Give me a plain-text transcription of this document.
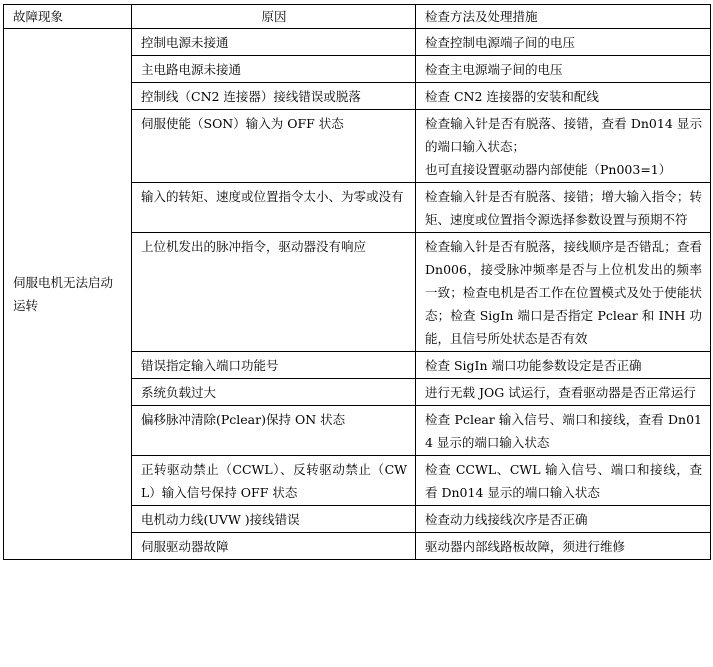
故障现象	原因	检查方法及处理措施
伺服电机无法启动运转	控制电源未接通	检查控制电源端子间的电压

	主电路电源未接通	检查主电源端子间的电压

	控制线（CN2 连接器）接线错误或脱落	检查 CN2 连接器的安装和配线

	伺服使能（SON）输入为 OFF 状态	检查输入针是否有脱落、接错，查看 Dn014 显示的端口输入状态；
也可直接设置驱动器内部使能（Pn003=1）

	输入的转矩、速度或位置指令太小、为零或没有	检查输入针是否有脱落、接错；增大输入指令；转矩、速度或位置指令源选择参数设置与预期不符

	上位机发出的脉冲指令，驱动器没有响应	检查输入针是否有脱落，接线顺序是否错乱；查看 Dn006，接受脉冲频率是否与上位机发出的频率一致；检查电机是否工作在位置模式及处于使能状态；检查 SigIn 端口是否指定 Pclear 和 INH 功能，且信号所处状态是否有效

	错误指定输入端口功能号	检查 SigIn 端口功能参数设定是否正确

	系统负载过大	进行无载 JOG 试运行，查看驱动器是否正常运行

	偏移脉冲清除(Pclear)保持 ON 状态	检查 Pclear 输入信号、端口和接线，查看 Dn014 显示的端口输入状态

	正转驱动禁止（CCWL）、反转驱动禁止（CWL）输入信号保持 OFF 状态	检查 CCWL、CWL 输入信号、端口和接线，查看 Dn014 显示的端口输入状态

	电机动力线(UVW )接线错误	检查动力线接线次序是否正确

	伺服驱动器故障	驱动器内部线路板故障，须进行维修
